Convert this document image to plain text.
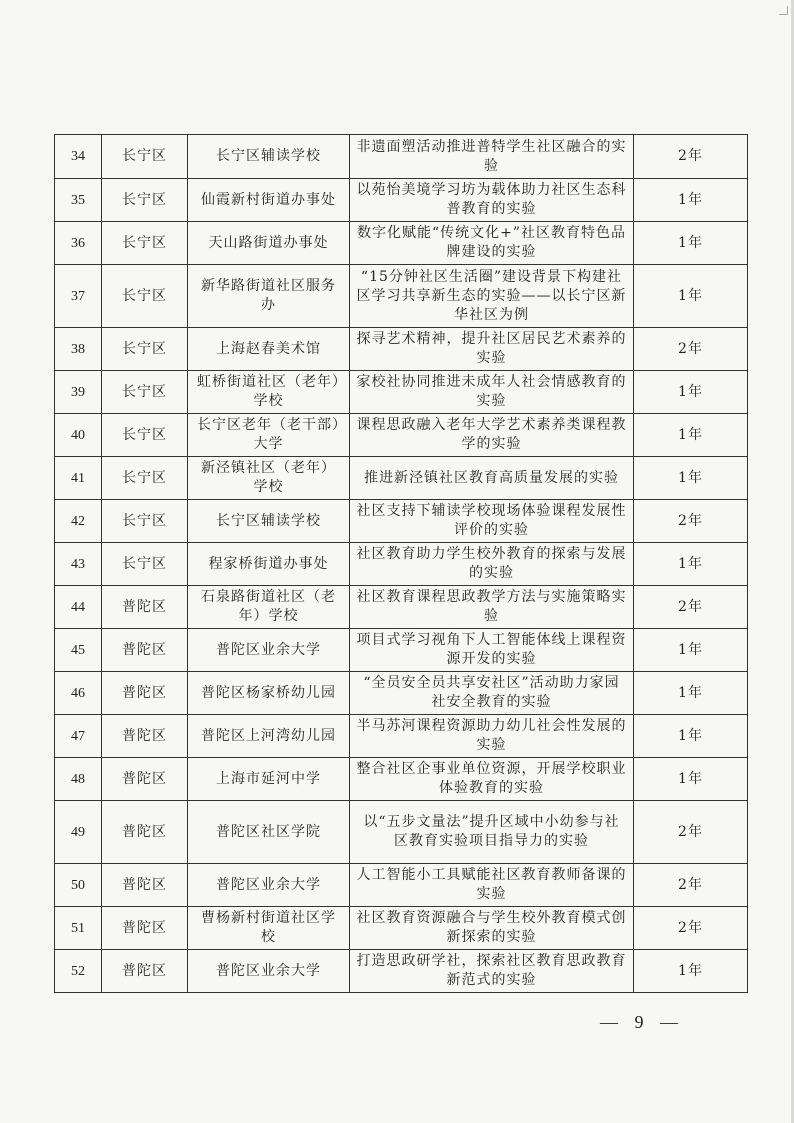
34	长宁区	长宁区辅读学校	非遗面塑活动推进普特学生社区融合的实验	2年
35	长宁区	仙霞新村街道办事处	以苑怡美境学习坊为载体助力社区生态科普教育的实验	1年
36	长宁区	天山路街道办事处	数字化赋能“传统文化+”社区教育特色品牌建设的实验	1年
37	长宁区	新华路街道社区服务办	“15分钟社区生活圈”建设背景下构建社区学习共享新生态的实验——以长宁区新华社区为例	1年
38	长宁区	上海赵春美术馆	探寻艺术精神，提升社区居民艺术素养的实验	2年
39	长宁区	虹桥街道社区（老年）学校	家校社协同推进未成年人社会情感教育的实验	1年
40	长宁区	长宁区老年（老干部）大学	课程思政融入老年大学艺术素养类课程教学的实验	1年
41	长宁区	新泾镇社区（老年）学校	推进新泾镇社区教育高质量发展的实验	1年
42	长宁区	长宁区辅读学校	社区支持下辅读学校现场体验课程发展性评价的实验	2年
43	长宁区	程家桥街道办事处	社区教育助力学生校外教育的探索与发展的实验	1年
44	普陀区	石泉路街道社区（老年）学校	社区教育课程思政教学方法与实施策略实验	2年
45	普陀区	普陀区业余大学	项目式学习视角下人工智能体线上课程资源开发的实验	1年
46	普陀区	普陀区杨家桥幼儿园	“全员安全员共享安社区”活动助力家园社安全教育的实验	1年
47	普陀区	普陀区上河湾幼儿园	半马苏河课程资源助力幼儿社会性发展的实验	1年
48	普陀区	上海市延河中学	整合社区企事业单位资源，开展学校职业体验教育的实验	1年
49	普陀区	普陀区社区学院	以“五步文量法”提升区域中小幼参与社区教育实验项目指导力的实验	2年
50	普陀区	普陀区业余大学	人工智能小工具赋能社区教育教师备课的实验	2年
51	普陀区	曹杨新村街道社区学校	社区教育资源融合与学生校外教育模式创新探索的实验	2年
52	普陀区	普陀区业余大学	打造思政研学社，探索社区教育思政教育新范式的实验	1年
— 9 —
